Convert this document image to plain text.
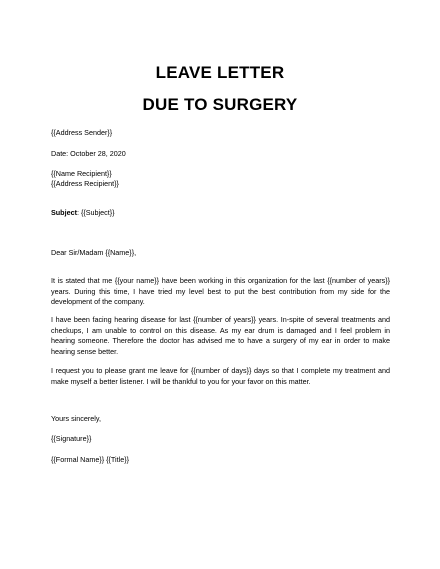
LEAVE LETTER
DUE TO SURGERY
{{Address Sender}}
Date: October 28, 2020
{{Name Recipient}}
{{Address Recipient}}
Subject: {{Subject}}
Dear Sir/Madam {{Name}},
It is stated that me {{your name}} have been working in this organization for the last {{number of years}} years. During this time, I have tried my level best to put the best contribution from my side for the development of the company.
I have been facing hearing disease for last {{number of years}} years. In-spite of several treatments and checkups, I am unable to control on this disease. As my ear drum is damaged and I feel problem in hearing someone. Therefore the doctor has advised me to have a surgery of my ear in order to make hearing sense better.
I request you to please grant me leave for {{number of days}} days so that I complete my treatment and make myself a better listener. I will be thankful to you for your favor on this matter.
Yours sincerely,
{{Signature}}
{{Formal Name}} {{Title}}
